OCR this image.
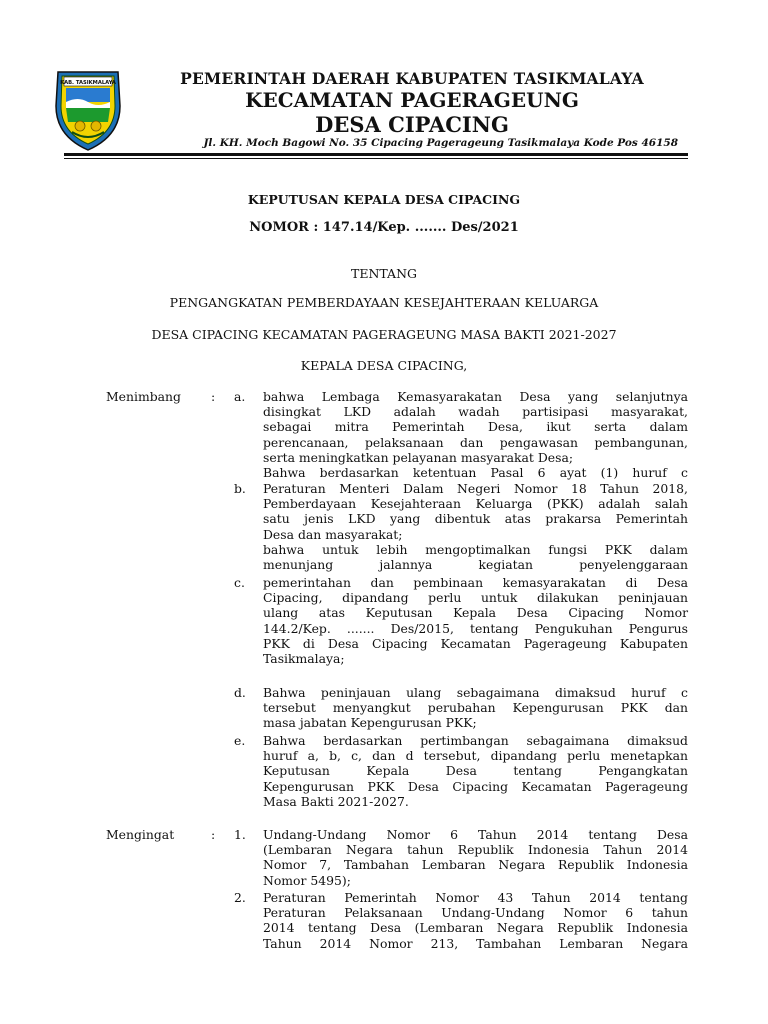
KAB. TASIKMALAYA	PEMERINTAH DAERAH KABUPATEN TASIKMALAYA
KECAMATAN PAGERAGEUNG
DESA CIPACING
Jl. KH. Moch Bagowi No. 35 Cipacing Pagerageung Tasikmalaya Kode Pos 46158
KEPUTUSAN KEPALA DESA CIPACING
NOMOR : 147.14/Kep. ....... Des/2021
TENTANG
PENGANGKATAN PEMBERDAYAAN KESEJAHTERAAN KELUARGA
DESA CIPACING KECAMATAN PAGERAGEUNG MASA BAKTI 2021-2027
KEPALA DESA CIPACING,
Menimbang : a. bahwa Lembaga Kemasyarakatan Desa yang selanjutnya
disingkat LKD adalah wadah partisipasi masyarakat,
sebagai mitra Pemerintah Desa, ikut serta dalam
perencanaan, pelaksanaan dan pengawasan pembangunan,
serta meningkatkan pelayanan masyarakat Desa;
Bahwa berdasarkan ketentuan Pasal 6 ayat (1) huruf c
b. Peraturan Menteri Dalam Negeri Nomor 18 Tahun 2018,
Pemberdayaan Kesejahteraan Keluarga (PKK) adalah salah
satu jenis LKD yang dibentuk atas prakarsa Pemerintah
Desa dan masyarakat;
bahwa untuk lebih mengoptimalkan fungsi PKK dalam
menunjang jalannya kegiatan penyelenggaraan
c. pemerintahan dan pembinaan kemasyarakatan di Desa
Cipacing, dipandang perlu untuk dilakukan peninjauan
ulang atas Keputusan Kepala Desa Cipacing Nomor
144.2/Kep. ....... Des/2015, tentang Pengukuhan Pengurus
PKK di Desa Cipacing Kecamatan Pagerageung Kabupaten
Tasikmalaya;
d. Bahwa peninjauan ulang sebagaimana dimaksud huruf c
tersebut menyangkut perubahan Kepengurusan PKK dan
masa jabatan Kepengurusan PKK;
e. Bahwa berdasarkan pertimbangan sebagaimana dimaksud
huruf a, b, c, dan d tersebut, dipandang perlu menetapkan
Keputusan Kepala Desa tentang Pengangkatan
Kepengurusan PKK Desa Cipacing Kecamatan Pagerageung
Masa Bakti 2021-2027.
Mengingat	: 1. Undang-Undang Nomor 6 Tahun 2014 tentang Desa
(Lembaran Negara tahun Republik Indonesia Tahun 2014
Nomor 7, Tambahan Lembaran Negara Republik Indonesia
Nomor 5495);
2. Peraturan Pemerintah Nomor 43 Tahun 2014 tentang
Peraturan Pelaksanaan Undang-Undang Nomor 6 tahun
2014 tentang Desa (Lembaran Negara Republik Indonesia
Tahun 2014 Nomor 213, Tambahan Lembaran Negara
